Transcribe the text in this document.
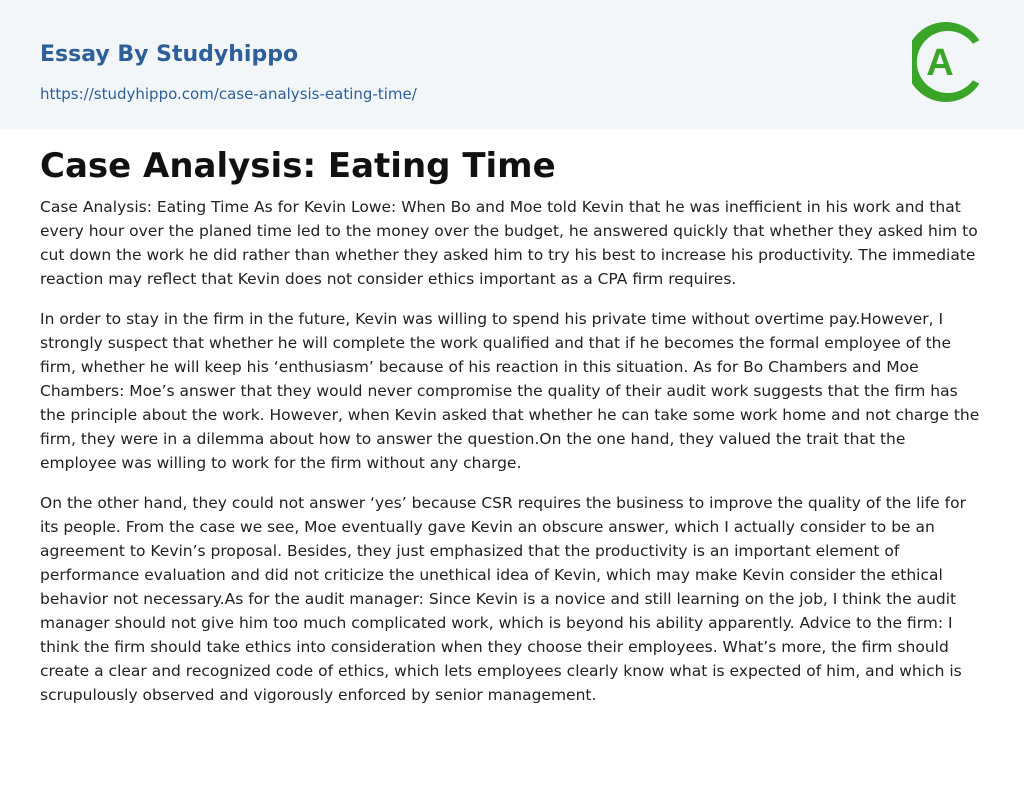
Essay By Studyhippo
https://studyhippo.com/case-analysis-eating-time/
A
Case Analysis: Eating Time

Case Analysis: Eating Time As for Kevin Lowe: When Bo and Moe told Kevin that he was inefficient in his work and that every hour over the planed time led to the money over the budget, he answered quickly that whether they asked him to cut down the work he did rather than whether they asked him to try his best to increase his productivity. The immediate reaction may reflect that Kevin does not consider ethics important as a CPA firm requires.

In order to stay in the firm in the future, Kevin was willing to spend his private time without overtime pay.However, I strongly suspect that whether he will complete the work qualified and that if he becomes the formal employee of the firm, whether he will keep his ‘enthusiasm’ because of his reaction in this situation. As for Bo Chambers and Moe Chambers: Moe’s answer that they would never compromise the quality of their audit work suggests that the firm has the principle about the work. However, when Kevin asked that whether he can take some work home and not charge the firm, they were in a dilemma about how to answer the question.On the one hand, they valued the trait that the employee was willing to work for the firm without any charge.

On the other hand, they could not answer ‘yes’ because CSR requires the business to improve the quality of the life for its people. From the case we see, Moe eventually gave Kevin an obscure answer, which I actually consider to be an agreement to Kevin’s proposal. Besides, they just emphasized that the productivity is an important element of performance evaluation and did not criticize the unethical idea of Kevin, which may make Kevin consider the ethical behavior not necessary.As for the audit manager: Since Kevin is a novice and still learning on the job, I think the audit manager should not give him too much complicated work, which is beyond his ability apparently. Advice to the firm: I think the firm should take ethics into consideration when they choose their employees. What’s more, the firm should create a clear and recognized code of ethics, which lets employees clearly know what is expected of him, and which is scrupulously observed and vigorously enforced by senior management.
